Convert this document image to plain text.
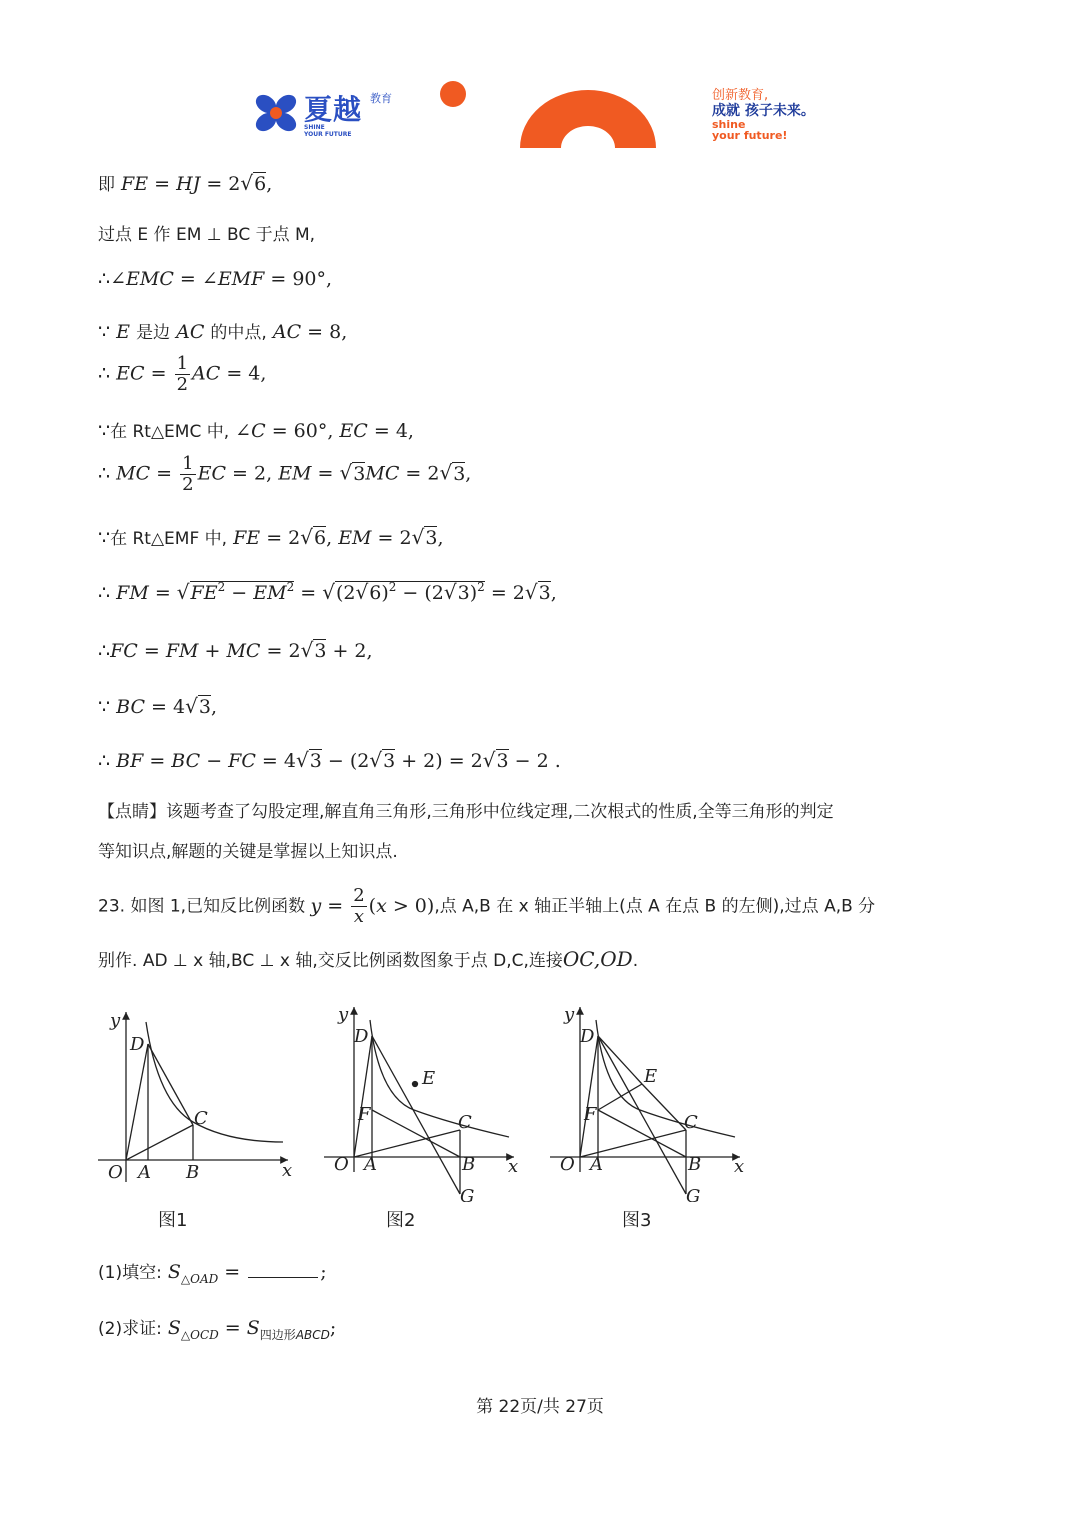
夏越 教育
SHINE
YOUR FUTURE
创新教育,
成就 孩子未来。
shine
your future!
即 FE = HJ = 2√6,
过点 E 作 EM ⊥ BC 于点 M,
∴∠EMC = ∠EMF = 90°,
∵ E 是边 AC 的中点, AC = 8,
∴ EC = $\frac{1}{2}$ AC = 4,
∵在 Rt△EMC 中, ∠C = 60°, EC = 4,
∴ MC = $\frac{1}{2}$ EC = 2, EM = √3MC = 2√3,
∵在 Rt△EMF 中, FE = 2√6, EM = 2√3,
∴ FM = $√FE^2 - EM^2 = √(2√6)^2 - (2√3)^2 = 2√3$,
∴FC = FM + MC = 2√3 + 2,
∵ BC = 4√3,
∴ BF = BC − FC = 4√3 − (2√3 + 2) = 2√3 − 2 .
【点睛】该题考查了勾股定理,解直角三角形,三角形中位线定理,二次根式的性质,全等三角形的判定
等知识点,解题的关键是掌握以上知识点.
23. 如图 1,已知反比例函数 $y = \frac{2}{x} (x > 0)$,点 A,B 在 x 轴正半轴上(点 A 在点 B 的左侧),过点 A,B 分
别作. AD ⊥ x 轴,BC ⊥ x 轴,交反比例函数图象于点 D,C,连接OC,OD.
y
x
O A B
C
D
y
x
O A	B
C
D
E
F
G
y
x
O A	B
C
D
E
F
G
图1	图2	图3
(1)填空: $S_{\triangle OAD}$ =	;
(2)求证: $S_{\triangle OCD} = S_{四边形ABCD}$;
第 22页/共 27页
